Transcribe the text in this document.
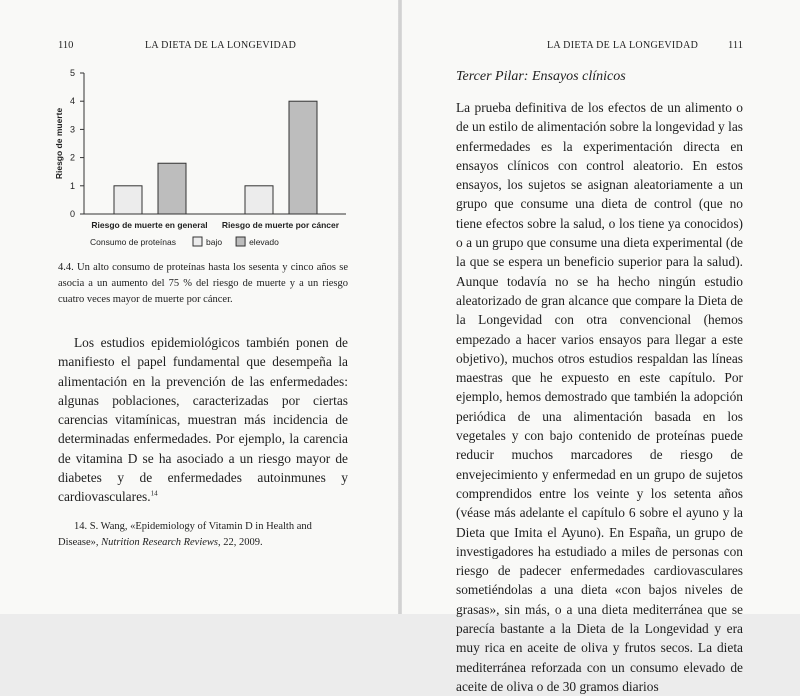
110	LA DIETA DE LA LONGEVIDAD
0
1
2
3
4
5
Riesgo de muerte
Riesgo de muerte en general Riesgo de muerte por cáncer
Consumo de proteínas	bajo	elevado
4.4. Un alto consumo de proteínas hasta los sesenta y cinco años se asocia a un aumento del 75 % del riesgo de muerte y a un riesgo cuatro veces mayor de muerte por cáncer.

Los estudios epidemiológicos también ponen de manifiesto el papel fundamental que desempeña la alimentación en la prevención de las enfermedades: algunas poblaciones, caracterizadas por ciertas carencias vitamínicas, muestran más incidencia de determinadas enfermedades. Por ejemplo, la carencia de vitamina D se ha asociado a un riesgo mayor de diabetes y de enfermedades autoinmunes y cardiovasculares.$^{14}$

14. S. Wang, «Epidemiology of Vitamin D in Health and Disease», Nutrition Research Reviews, 22, 2009.

LA DIETA DE LA LONGEVIDAD	111
Tercer Pilar: Ensayos clínicos

La prueba definitiva de los efectos de un alimento o de un estilo de alimentación sobre la longevidad y las enfermedades es la experimentación directa en ensayos clínicos con control aleatorio. En estos ensayos, los sujetos se asignan aleatoriamente a un grupo que consume una dieta de control (que no tiene efectos sobre la salud, o los tiene ya conocidos) o a un grupo que consume una dieta experimental (de la que se espera un beneficio superior para la salud). Aunque todavía no se ha hecho ningún estudio aleatorizado de gran alcance que compare la Dieta de la Longevidad con otra convencional (hemos empezado a hacer varios ensayos para llegar a este objetivo), muchos otros estudios respaldan las líneas maestras que he expuesto en este capítulo. Por ejemplo, hemos demostrado que también la adopción periódica de una alimentación basada en los vegetales y con bajo contenido de proteínas puede reducir muchos marcadores de riesgo de envejecimiento y enfermedad en un grupo de sujetos comprendidos entre los veinte y los setenta años (véase más adelante el capítulo 6 sobre el ayuno y la Dieta que Imita el Ayuno). En España, un grupo de investigadores ha estudiado a miles de personas con riesgo de padecer enfermedades cardiovasculares sometiéndolas a una dieta «con bajos niveles de grasas», sin más, o a una dieta mediterránea que se parecía bastante a la Dieta de la Longevidad y era muy rica en aceite de oliva y frutos secos. La dieta mediterránea reforzada con un consumo elevado de aceite de oliva o de 30 gramos diarios
